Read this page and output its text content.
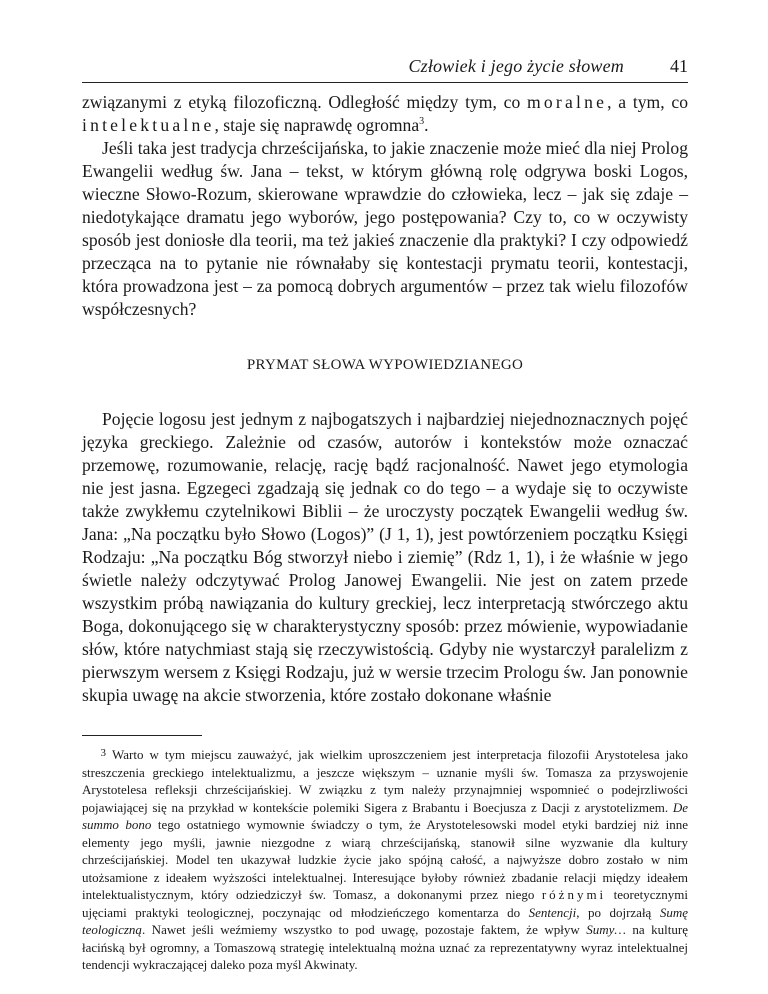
Człowiek i jego życie słowem	41

związanymi z etyką filozoficzną. Odległość między tym, co moralne, a tym, co intelektualne, staje się naprawdę ogromna$^3$.

Jeśli taka jest tradycja chrześcijańska, to jakie znaczenie może mieć dla niej Prolog Ewangelii według św. Jana – tekst, w którym główną rolę odgrywa boski Logos, wieczne Słowo-Rozum, skierowane wprawdzie do człowieka, lecz – jak się zdaje – niedotykające dramatu jego wyborów, jego postępowania? Czy to, co w oczywisty sposób jest doniosłe dla teorii, ma też jakieś znaczenie dla praktyki? I czy odpowiedź przecząca na to pytanie nie równałaby się kontestacji prymatu teorii, kontestacji, która prowadzona jest – za pomocą dobrych argumentów – przez tak wielu filozofów współczesnych?

PRYMAT SŁOWA WYPOWIEDZIANEGO

Pojęcie logosu jest jednym z najbogatszych i najbardziej niejednoznacznych pojęć języka greckiego. Zależnie od czasów, autorów i kontekstów może oznaczać przemowę, rozumowanie, relację, rację bądź racjonalność. Nawet jego etymologia nie jest jasna. Egzegeci zgadzają się jednak co do tego – a wydaje się to oczywiste także zwykłemu czytelnikowi Biblii – że uroczysty początek Ewangelii według św. Jana: „Na początku było Słowo (Logos)” (J 1, 1), jest powtórzeniem początku Księgi Rodzaju: „Na początku Bóg stworzył niebo i ziemię” (Rdz 1, 1), i że właśnie w jego świetle należy odczytywać Prolog Janowej Ewangelii. Nie jest on zatem przede wszystkim próbą nawiązania do kultury greckiej, lecz interpretacją stwórczego aktu Boga, dokonującego się w charakterystyczny sposób: przez mówienie, wypowiadanie słów, które natychmiast stają się rzeczywistością. Gdyby nie wystarczył paralelizm z pierwszym wersem z Księgi Rodzaju, już w wersie trzecim Prologu św. Jan ponownie skupia uwagę na akcie stworzenia, które zostało dokonane właśnie

3 Warto w tym miejscu zauważyć, jak wielkim uproszczeniem jest interpretacja filozofii Arystotelesa jako streszczenia greckiego intelektualizmu, a jeszcze większym – uznanie myśli św. Tomasza za przyswojenie Arystotelesa refleksji chrześcijańskiej. W związku z tym należy przynajmniej wspomnieć o podejrzliwości pojawiającej się na przykład w kontekście polemiki Sigera z Brabantu i Boecjusza z Dacji z arystotelizmem. De summo bono tego ostatniego wymownie świadczy o tym, że Arystotelesowski model etyki bardziej niż inne elementy jego myśli, jawnie niezgodne z wiarą chrześcijańską, stanowił silne wyzwanie dla kultury chrześcijańskiej. Model ten ukazywał ludzkie życie jako spójną całość, a najwyższe dobro zostało w nim utożsamione z ideałem wyższości intelektualnej. Interesujące byłoby również zbadanie relacji między ideałem intelektualistycznym, który odziedziczył św. Tomasz, a dokonanymi przez niego różnymi teoretycznymi ujęciami praktyki teologicznej, poczynając od młodzieńczego komentarza do Sentencji, po dojrzałą Sumę teologiczną. Nawet jeśli weźmiemy wszystko to pod uwagę, pozostaje faktem, że wpływ Sumy… na kulturę łacińską był ogromny, a Tomaszową strategię intelektualną można uznać za reprezentatywny wyraz intelektualnej tendencji wykraczającej daleko poza myśl Akwinaty.
